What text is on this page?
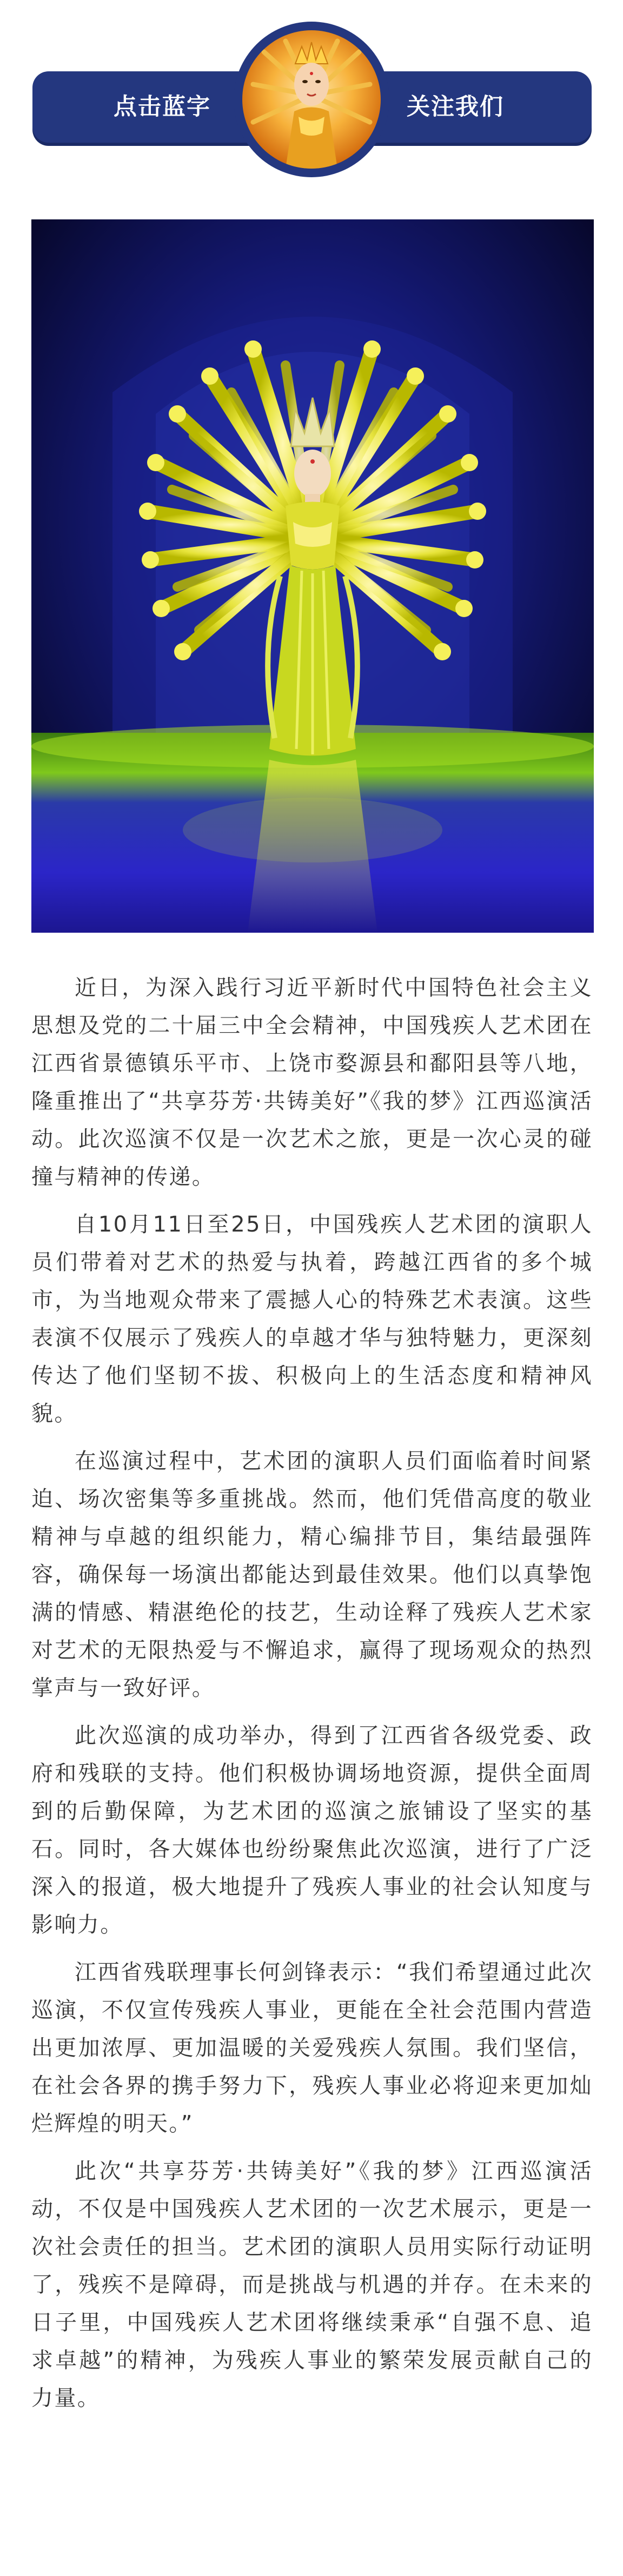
点击蓝字	关注我们

近日，为深入践行习近平新时代中国特色社会主义思想及党的二十届三中全会精神，中国残疾人艺术团在江西省景德镇乐平市、上饶市婺源县和鄱阳县等八地，隆重推出了“共享芬芳·共铸美好”《我的梦》江西巡演活动。此次巡演不仅是一次艺术之旅，更是一次心灵的碰撞与精神的传递。

自10月11日至25日，中国残疾人艺术团的演职人员们带着对艺术的热爱与执着，跨越江西省的多个城市，为当地观众带来了震撼人心的特殊艺术表演。这些表演不仅展示了残疾人的卓越才华与独特魅力，更深刻传达了他们坚韧不拔、积极向上的生活态度和精神风貌。

在巡演过程中，艺术团的演职人员们面临着时间紧迫、场次密集等多重挑战。然而，他们凭借高度的敬业精神与卓越的组织能力，精心编排节目，集结最强阵容，确保每一场演出都能达到最佳效果。他们以真挚饱满的情感、精湛绝伦的技艺，生动诠释了残疾人艺术家对艺术的无限热爱与不懈追求，赢得了现场观众的热烈掌声与一致好评。

此次巡演的成功举办，得到了江西省各级党委、政府和残联的支持。他们积极协调场地资源，提供全面周到的后勤保障，为艺术团的巡演之旅铺设了坚实的基石。同时，各大媒体也纷纷聚焦此次巡演，进行了广泛深入的报道，极大地提升了残疾人事业的社会认知度与影响力。

江西省残联理事长何剑锋表示：“我们希望通过此次巡演，不仅宣传残疾人事业，更能在全社会范围内营造出更加浓厚、更加温暖的关爱残疾人氛围。我们坚信，在社会各界的携手努力下，残疾人事业必将迎来更加灿烂辉煌的明天。”

此次“共享芬芳·共铸美好”《我的梦》江西巡演活动，不仅是中国残疾人艺术团的一次艺术展示，更是一次社会责任的担当。艺术团的演职人员用实际行动证明了，残疾不是障碍，而是挑战与机遇的并存。在未来的日子里，中国残疾人艺术团将继续秉承“自强不息、追求卓越”的精神，为残疾人事业的繁荣发展贡献自己的力量。
